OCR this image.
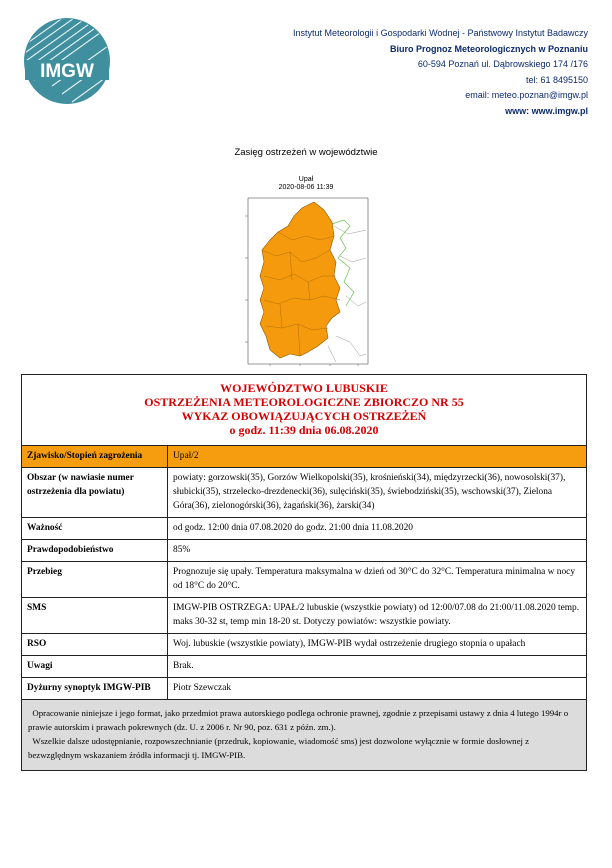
IMGW
Instytut Meteorologii i Gospodarki Wodnej - Państwowy Instytut Badawczy
Biuro Prognoz Meteorologicznych w Poznaniu
60-594 Poznań ul. Dąbrowskiego 174 /176
tel: 61 8495150
email: meteo.poznan@imgw.pl
www: www.imgw.pl
Zasięg ostrzeżeń w województwie
Upał
2020-08-06 11:39
WOJEWÓDZTWO LUBUSKIE
OSTRZEŻENIA METEOROLOGICZNE ZBIORCZO NR 55
WYKAZ OBOWIĄZUJĄCYCH OSTRZEŻEŃ
o godz. 11:39 dnia 06.08.2020	

Zjawisko/Stopień zagrożenia	Upał/2
Obszar (w nawiasie numer ostrzeżenia dla powiatu)	powiaty: gorzowski(35), Gorzów Wielkopolski(35), krośnieński(34), międzyrzecki(36), nowosolski(37), słubicki(35), strzelecko-drezdenecki(36), sulęciński(35), świebodziński(35), wschowski(37), Zielona Góra(36), zielonogórski(36), żagański(36), żarski(34)
Ważność	od godz. 12:00 dnia 07.08.2020 do godz. 21:00 dnia 11.08.2020
Prawdopodobieństwo	85%
Przebieg	Prognozuje się upały. Temperatura maksymalna w dzień od 30°C do 32°C. Temperatura minimalna w nocy od 18°C do 20°C.
SMS	IMGW-PIB OSTRZEGA: UPAŁ/2 lubuskie (wszystkie powiaty) od 12:00/07.08 do 21:00/11.08.2020 temp. maks 30-32 st, temp min 18-20 st. Dotyczy powiatów: wszystkie powiaty.
RSO	Woj. lubuskie (wszystkie powiaty), IMGW-PIB wydał ostrzeżenie drugiego stopnia o upałach
Uwagi	Brak.
Dyżurny synoptyk IMGW-PIB	Piotr Szewczak

Opracowanie niniejsze i jego format, jako przedmiot prawa autorskiego podlega ochronie prawnej, zgodnie z przepisami ustawy z dnia 4 lutego 1994r o prawie autorskim i prawach pokrewnych (dz. U. z 2006 r. Nr 90, poz. 631 z późn. zm.).
Wszelkie dalsze udostępnianie, rozpowszechnianie (przedruk, kopiowanie, wiadomość sms) jest dozwolone wyłącznie w formie dosłownej z bezwzględnym wskazaniem źródła informacji tj. IMGW-PIB.	
